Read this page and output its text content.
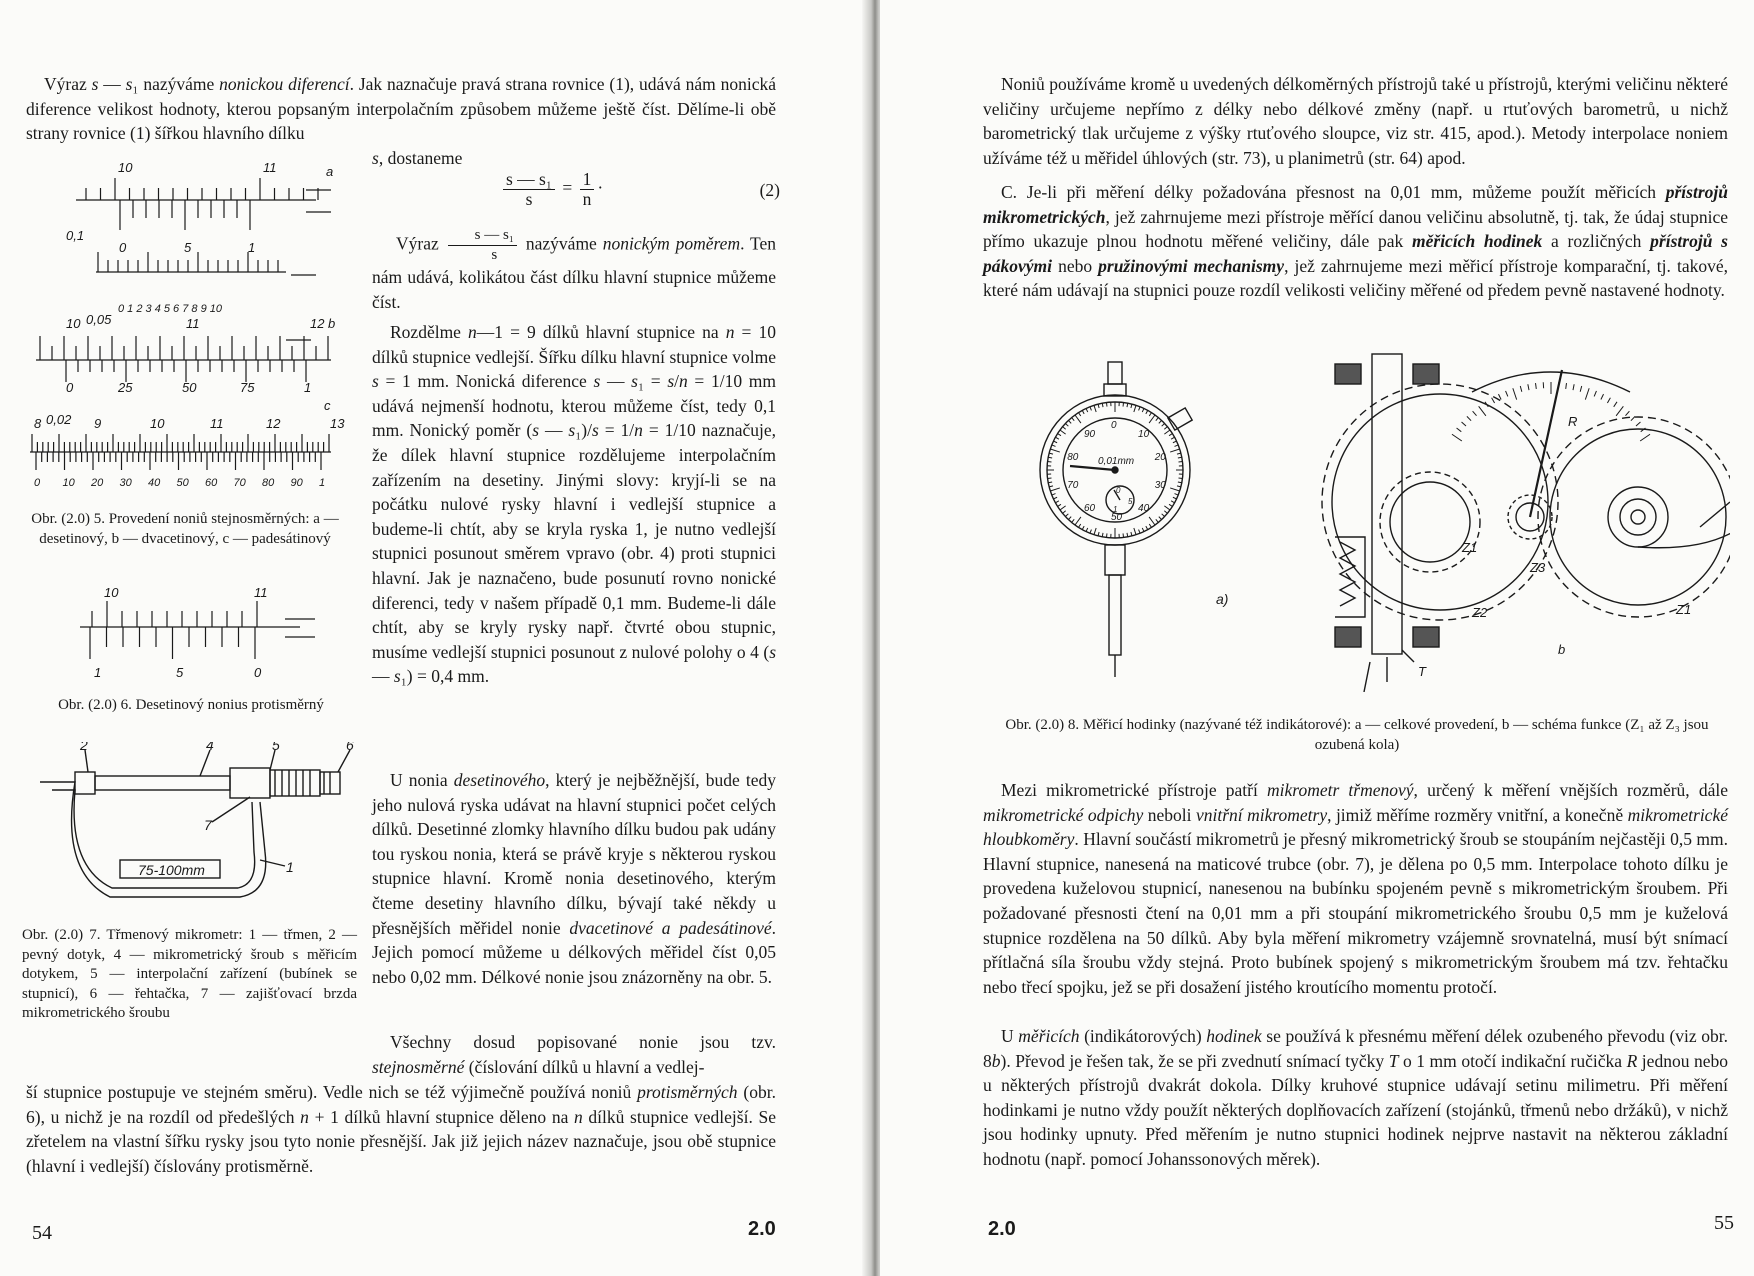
Výraz s — s₁ nazýváme nonickou diferencí. Jak naznačuje pravá strana rovnice (1), udává nám nonická diference velikost hodnoty, kterou popsaným interpolačním způsobem můžeme ještě číst. Dělíme-li obě strany rovnice (1) šířkou hlavního dílku
s, dostaneme
$\frac{\text{s — s₁}}{s} = \frac{1}{n}$ ·	(2)

Výraz $\frac{\text{s — s₁}}{s}$ nazýváme nonickým poměrem. Ten nám udává, kolikátou část dílku hlavní stupnice můžeme číst.

Rozdělme n—1 = 9 dílků hlavní stupnice na n = 10 dílků stupnice vedlejší. Šířku dílku hlavní stupnice volme s = 1 mm. Nonická diference s — s₁ = s/n = 1/10 mm udává nejmenší hodnotu, kterou můžeme číst, tedy 0,1 mm. Nonický poměr (s — s₁)/s = 1/n = 1/10 naznačuje, že dílek hlavní stupnice rozdělujeme interpolačním zařízením na desetiny. Jinými slovy: kryjí-li se na počátku nulové rysky hlavní i vedlejší stupnice a budeme-li chtít, aby se kryla ryska 1, je nutno vedlejší stupnici posunout směrem vpravo (obr. 4) proti stupnici hlavní. Jak je naznačeno, bude posunutí rovno nonické diferenci, tedy v našem případě 0,1 mm. Budeme-li dále chtít, aby se kryly rysky např. čtvrté obou stupnic, musíme vedlejší stupnici posunout z nulové polohy o 4 (s — s₁) = 0,4 mm.

U nonia desetinového, který je nejběžnější, bude tedy jeho nulová ryska udávat na hlavní stupnici počet celých dílků. Desetinné zlomky hlavního dílku budou pak udány tou ryskou nonia, která se právě kryje s některou ryskou stupnice hlavní. Kromě nonia desetinového, kterým čteme desetiny hlavního dílku, bývají také někdy u přesnějších měřidel nonie dvacetinové a padesátinové. Jejich pomocí můžeme u délkových měřidel číst 0,05 nebo 0,02 mm. Délkové nonie jsou znázorněny na obr. 5.

Všechny dosud popisované nonie jsou tzv. stejnosměrné (číslování dílků u hlavní a vedlej-

ší stupnice postupuje ve stejném směru). Vedle nich se též výjimečně používá noniů protisměrných (obr. 6), u nichž je na rozdíl od předešlých n + 1 dílků hlavní stupnice děleno na n dílků stupnice vedlejší. Se zřetelem na vlastní šířku rysky jsou tyto nonie přesnější. Jak již jejich název naznačuje, jsou obě stupnice (hlavní i vedlejší) číslovány protisměrně.
10	11	a
0,1
0	5	1
0 1 2 3 4 5 6 7 8 9 10
10 0,05	11	12 b
0	25	50	75	1
c
8 0,02 9	10	11	12	13
0 10 20 30 40 50 60 70 80 90 1
Obr. (2.0) 5. Provedení noniů stejnosměrných: a — desetinový, b — dvacetinový, c — padesátinový
10	11
1	5	0
Obr. (2.0) 6. Desetinový nonius protisměrný
2	4	5	6
7
1
75-100mm
Obr. (2.0) 7. Třmenový mikrometr: 1 — třmen, 2 — pevný dotyk, 4 — mikrometrický šroub s měřicím dotykem, 5 — interpolační zařízení (bubínek se stupnicí), 6 — řehtačka, 7 — zajišťovací brzda mikrometrického šroubu
54	2.0
Noniů používáme kromě u uvedených délkoměrných přístrojů také u přístrojů, kterými veličinu některé veličiny určujeme nepřímo z délky nebo délkové změny (např. u rtuťových barometrů, u nichž barometrický tlak určujeme z výšky rtuťového sloupce, viz str. 415, apod.). Metody interpolace noniem užíváme též u měřidel úhlových (str. 73), u planimetrů (str. 64) apod.
C. Je-li při měření délky požadována přesnost na 0,01 mm, můžeme použít měřicích přístrojů mikrometrických, jež zahrnujeme mezi přístroje měřící danou veličinu absolutně, tj. tak, že údaj stupnice přímo ukazuje plnou hodnotu měřené veličiny, dále pak měřicích hodinek a rozličných přístrojů s pákovými nebo pružinovými mechanismy, jež zahrnujeme mezi měřicí přístroje komparační, tj. takové, které nám udávají na stupnici pouze rozdíl velikosti veličiny měřené od předem pevně nastavené hodnoty.
0
10
20
30
40
50
60
70
80
90
0,01mm
0
5
1
a)
R
T
b
Z1
Z2
Z3
Z1
Obr. (2.0) 8. Měřicí hodinky (nazývané též indikátorové): a — celkové provedení, b — schéma funkce (Z₁ až Z₃ jsou ozubená kola)

Mezi mikrometrické přístroje patří mikrometr třmenový, určený k měření vnějších rozměrů, dále mikrometrické odpichy neboli vnitřní mikrometry, jimiž měříme rozměry vnitřní, a konečně mikrometrické hloubkoměry. Hlavní součástí mikrometrů je přesný mikrometrický šroub se stoupáním nejčastěji 0,5 mm. Hlavní stupnice, nanesená na maticové trubce (obr. 7), je dělena po 0,5 mm. Interpolace tohoto dílku je provedena kuželovou stupnicí, nanesenou na bubínku spojeném pevně s mikrometrickým šroubem. Při požadované přesnosti čtení na 0,01 mm a při stoupání mikrometrického šroubu 0,5 mm je kuželová stupnice rozdělena na 50 dílků. Aby byla měření mikrometry vzájemně srovnatelná, musí být snímací přítlačná síla šroubu vždy stejná. Proto bubínek spojený s mikrometrickým šroubem má tzv. řehtačku nebo třecí spojku, jež se při dosažení jistého kroutícího momentu protočí.

U měřicích (indikátorových) hodinek se používá k přesnému měření délek ozubeného převodu (viz obr. 8b). Převod je řešen tak, že se při zvednutí snímací tyčky T o 1 mm otočí indikační ručička R jednou nebo u některých přístrojů dvakrát dokola. Dílky kruhové stupnice udávají setinu milimetru. Při měření hodinkami je nutno vždy použít některých doplňovacích zařízení (stojánků, třmenů nebo držáků), v nichž jsou hodinky upnuty. Před měřením je nutno stupnici hodinek nejprve nastavit na některou základní hodnotu (např. pomocí Johanssonových měrek).

2.0	55
